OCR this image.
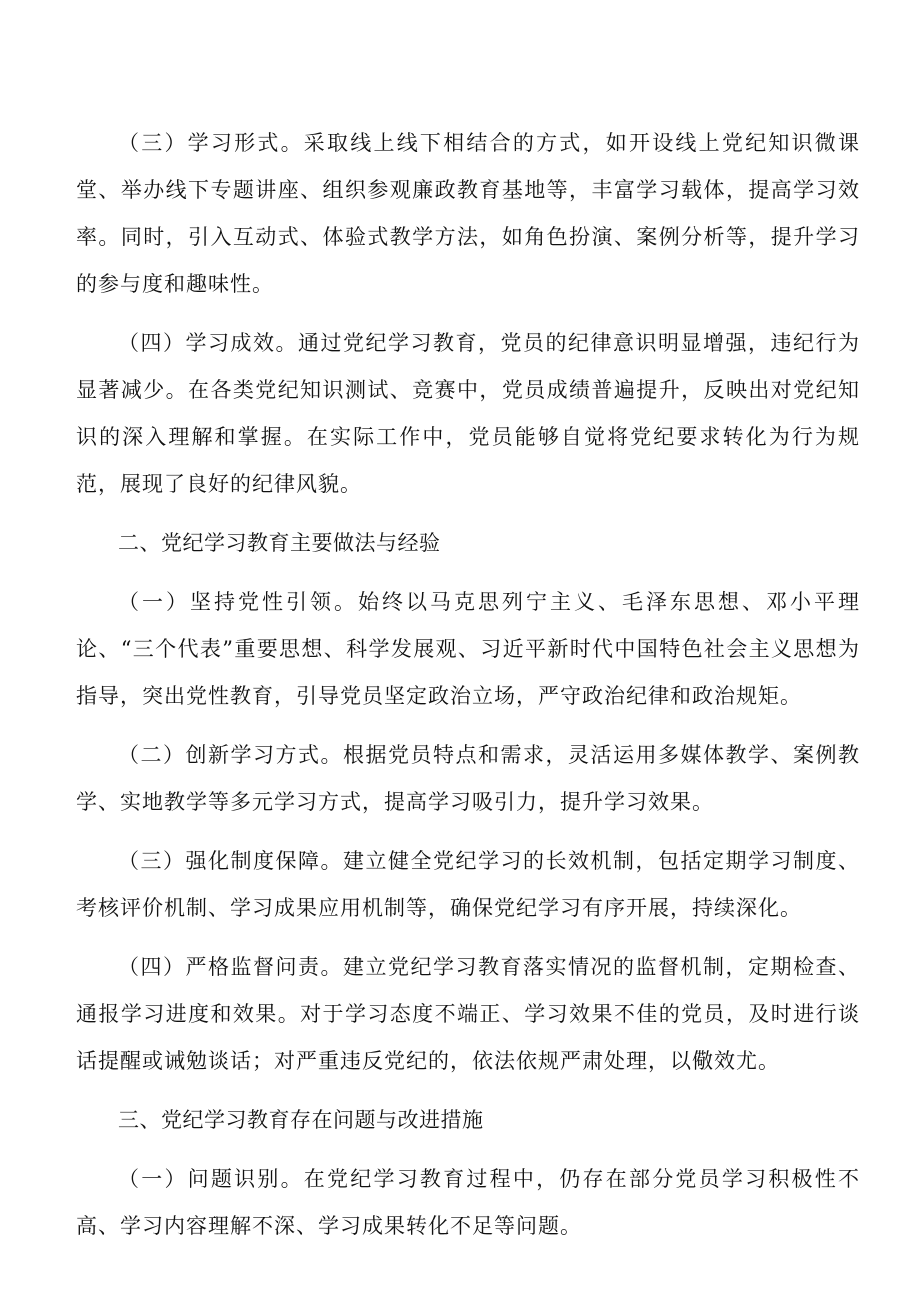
（三）学习形式。采取线上线下相结合的方式，如开设线上党纪知识微课堂、举办线下专题讲座、组织参观廉政教育基地等，丰富学习载体，提高学习效率。同时，引入互动式、体验式教学方法，如角色扮演、案例分析等，提升学习的参与度和趣味性。

（四）学习成效。通过党纪学习教育，党员的纪律意识明显增强，违纪行为显著减少。在各类党纪知识测试、竞赛中，党员成绩普遍提升，反映出对党纪知识的深入理解和掌握。在实际工作中，党员能够自觉将党纪要求转化为行为规范，展现了良好的纪律风貌。

二、党纪学习教育主要做法与经验

（一）坚持党性引领。始终以马克思列宁主义、毛泽东思想、邓小平理论、“三个代表”重要思想、科学发展观、习近平新时代中国特色社会主义思想为指导，突出党性教育，引导党员坚定政治立场，严守政治纪律和政治规矩。

（二）创新学习方式。根据党员特点和需求，灵活运用多媒体教学、案例教学、实地教学等多元学习方式，提高学习吸引力，提升学习效果。

（三）强化制度保障。建立健全党纪学习的长效机制，包括定期学习制度、考核评价机制、学习成果应用机制等，确保党纪学习有序开展，持续深化。

（四）严格监督问责。建立党纪学习教育落实情况的监督机制，定期检查、通报学习进度和效果。对于学习态度不端正、学习效果不佳的党员，及时进行谈话提醒或诫勉谈话；对严重违反党纪的，依法依规严肃处理，以儆效尤。

三、党纪学习教育存在问题与改进措施

（一）问题识别。在党纪学习教育过程中，仍存在部分党员学习积极性不高、学习内容理解不深、学习成果转化不足等问题。
